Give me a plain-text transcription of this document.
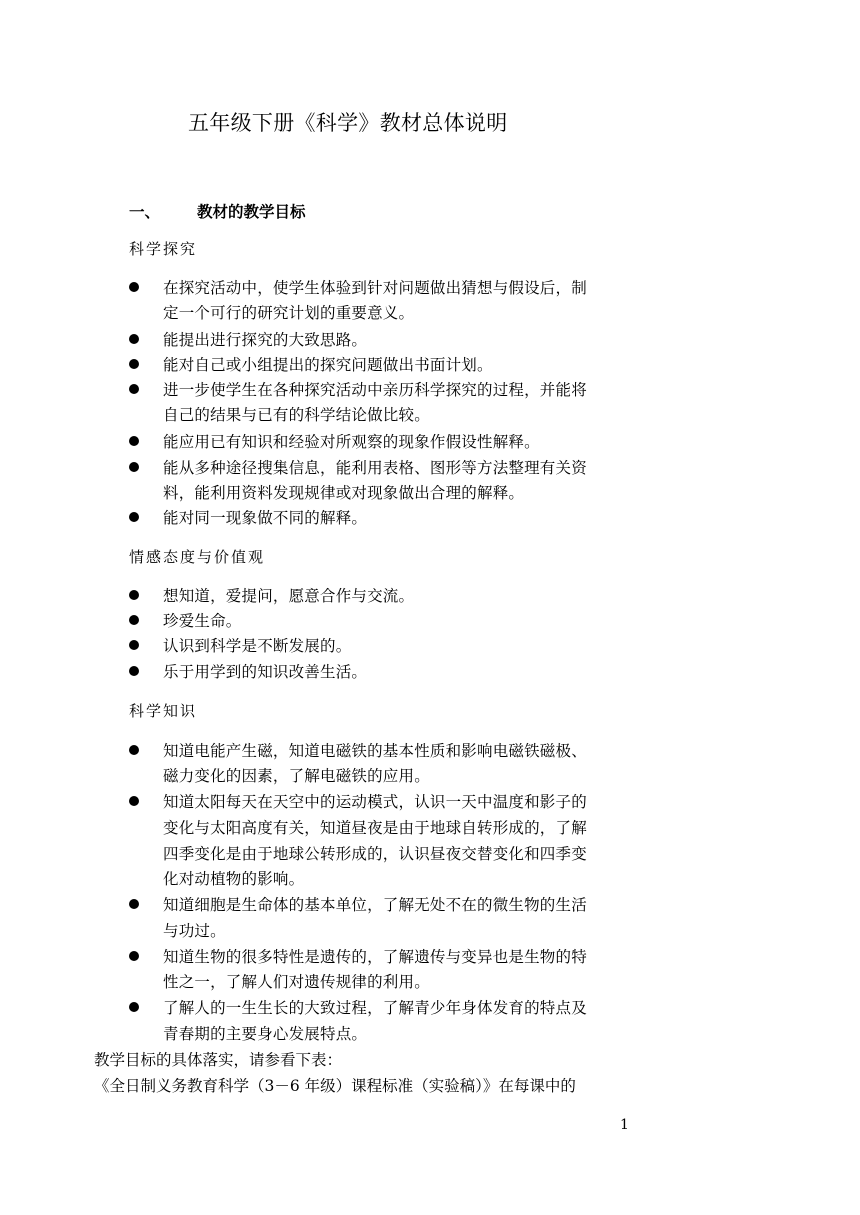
五年级下册《科学》教材总体说明
一、 教材的教学目标
科学探究
在探究活动中，使学生体验到针对问题做出猜想与假设后，制
定一个可行的研究计划的重要意义。
能提出进行探究的大致思路。
能对自己或小组提出的探究问题做出书面计划。
进一步使学生在各种探究活动中亲历科学探究的过程，并能将
自己的结果与已有的科学结论做比较。
能应用已有知识和经验对所观察的现象作假设性解释。
能从多种途径搜集信息，能利用表格、图形等方法整理有关资
料，能利用资料发现规律或对现象做出合理的解释。
能对同一现象做不同的解释。
情感态度与价值观
想知道，爱提问，愿意合作与交流。
珍爱生命。
认识到科学是不断发展的。
乐于用学到的知识改善生活。
科学知识
知道电能产生磁，知道电磁铁的基本性质和影响电磁铁磁极、
磁力变化的因素，了解电磁铁的应用。
知道太阳每天在天空中的运动模式，认识一天中温度和影子的
变化与太阳高度有关，知道昼夜是由于地球自转形成的，了解
四季变化是由于地球公转形成的，认识昼夜交替变化和四季变
化对动植物的影响。
知道细胞是生命体的基本单位，了解无处不在的微生物的生活
与功过。
知道生物的很多特性是遗传的，了解遗传与变异也是生物的特
性之一，了解人们对遗传规律的利用。
了解人的一生生长的大致过程，了解青少年身体发育的特点及
青春期的主要身心发展特点。
教学目标的具体落实，请参看下表：
《全日制义务教育科学（3－6 年级）课程标准（实验稿）》在每课中的
1
